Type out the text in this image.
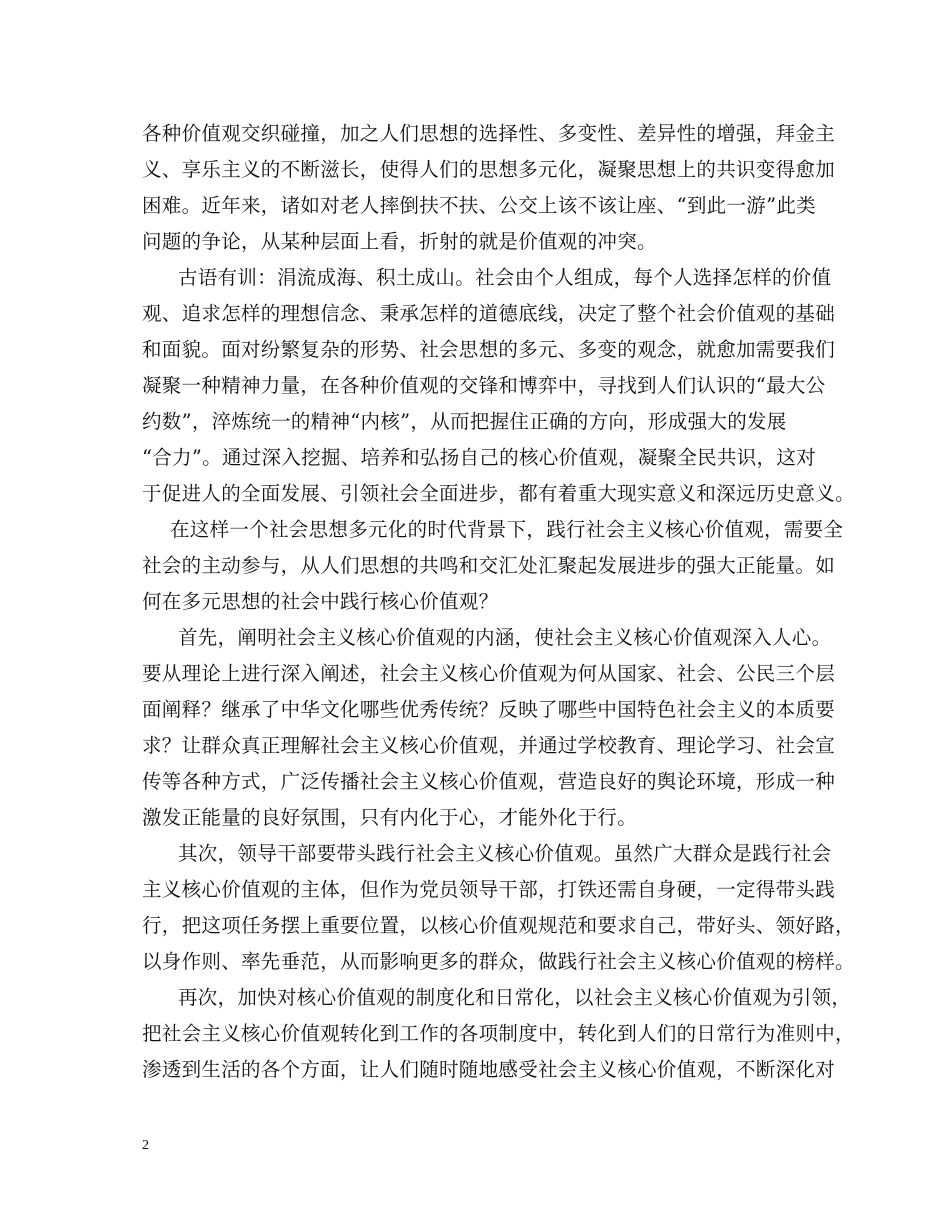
各种价值观交织碰撞，加之人们思想的选择性、多变性、差异性的增强，拜金主
义、享乐主义的不断滋长，使得人们的思想多元化，凝聚思想上的共识变得愈加
困难。近年来，诸如对老人摔倒扶不扶、公交上该不该让座、“到此一游”此类
问题的争论，从某种层面上看，折射的就是价值观的冲突。
古语有训：涓流成海、积土成山。社会由个人组成，每个人选择怎样的价值
观、追求怎样的理想信念、秉承怎样的道德底线，决定了整个社会价值观的基础
和面貌。面对纷繁复杂的形势、社会思想的多元、多变的观念，就愈加需要我们
凝聚一种精神力量，在各种价值观的交锋和博弈中，寻找到人们认识的“最大公
约数”，淬炼统一的精神“内核”，从而把握住正确的方向，形成强大的发展
“合力”。通过深入挖掘、培养和弘扬自己的核心价值观，凝聚全民共识，这对
于促进人的全面发展、引领社会全面进步，都有着重大现实意义和深远历史意义。
在这样一个社会思想多元化的时代背景下，践行社会主义核心价值观，需要全
社会的主动参与，从人们思想的共鸣和交汇处汇聚起发展进步的强大正能量。如
何在多元思想的社会中践行核心价值观？
首先，阐明社会主义核心价值观的内涵，使社会主义核心价值观深入人心。
要从理论上进行深入阐述，社会主义核心价值观为何从国家、社会、公民三个层
面阐释？继承了中华文化哪些优秀传统？反映了哪些中国特色社会主义的本质要
求？让群众真正理解社会主义核心价值观，并通过学校教育、理论学习、社会宣
传等各种方式，广泛传播社会主义核心价值观，营造良好的舆论环境，形成一种
激发正能量的良好氛围，只有内化于心，才能外化于行。
其次，领导干部要带头践行社会主义核心价值观。虽然广大群众是践行社会
主义核心价值观的主体，但作为党员领导干部，打铁还需自身硬，一定得带头践
行，把这项任务摆上重要位置，以核心价值观规范和要求自己，带好头、领好路，
以身作则、率先垂范，从而影响更多的群众，做践行社会主义核心价值观的榜样。
再次，加快对核心价值观的制度化和日常化，以社会主义核心价值观为引领，
把社会主义核心价值观转化到工作的各项制度中，转化到人们的日常行为准则中，
渗透到生活的各个方面，让人们随时随地感受社会主义核心价值观，不断深化对
2
